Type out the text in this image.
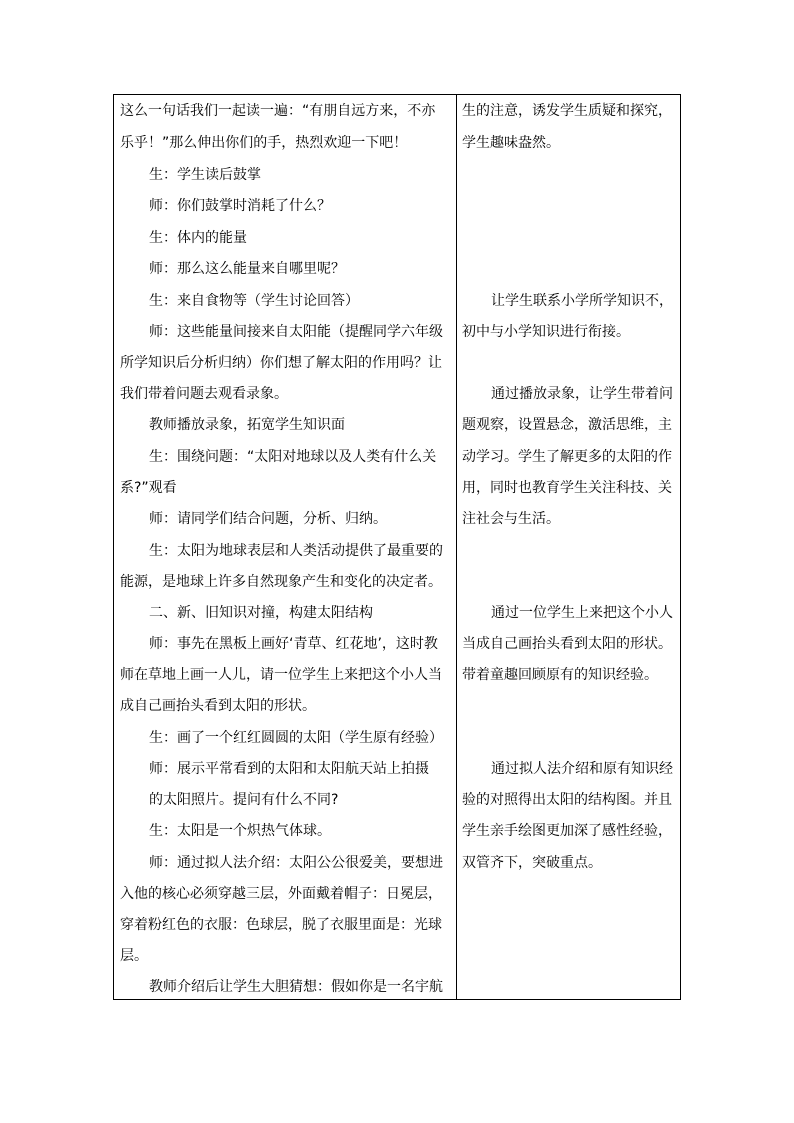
这么一句话我们一起读一遍：“有朋自远方来，不亦
乐乎！”那么伸出你们的手，热烈欢迎一下吧！
生：学生读后鼓掌
师：你们鼓掌时消耗了什么？
生：体内的能量
师：那么这么能量来自哪里呢？
生：来自食物等（学生讨论回答）
师：这些能量间接来自太阳能（提醒同学六年级
所学知识后分析归纳）你们想了解太阳的作用吗？让
我们带着问题去观看录象。
教师播放录象，拓宽学生知识面
生：围绕问题：“太阳对地球以及人类有什么关
系?”观看
师：请同学们结合问题，分析、归纳。
生：太阳为地球表层和人类活动提供了最重要的
能源，是地球上许多自然现象产生和变化的决定者。
二、新、旧知识对撞，构建太阳结构
师：事先在黑板上画好‘青草、红花地’，这时教
师在草地上画一人儿，请一位学生上来把这个小人当
成自己画抬头看到太阳的形状。
生：画了一个红红圆圆的太阳（学生原有经验）
师：展示平常看到的太阳和太阳航天站上拍摄
的太阳照片。提问有什么不同?
生：太阳是一个炽热气体球。
师：通过拟人法介绍：太阳公公很爱美，要想进
入他的核心必须穿越三层，外面戴着帽子：日冕层，
穿着粉红色的衣服：色球层，脱了衣服里面是：光球
层。
教师介绍后让学生大胆猜想：假如你是一名宇航
生的注意，诱发学生质疑和探究，
学生趣味盎然。
让学生联系小学所学知识不，
初中与小学知识进行衔接。
通过播放录象，让学生带着问
题观察，设置悬念，激活思维，主
动学习。学生了解更多的太阳的作
用，同时也教育学生关注科技、关
注社会与生活。
通过一位学生上来把这个小人
当成自己画抬头看到太阳的形状。
带着童趣回顾原有的知识经验。
通过拟人法介绍和原有知识经
验的对照得出太阳的结构图。并且
学生亲手绘图更加深了感性经验，
双管齐下，突破重点。
